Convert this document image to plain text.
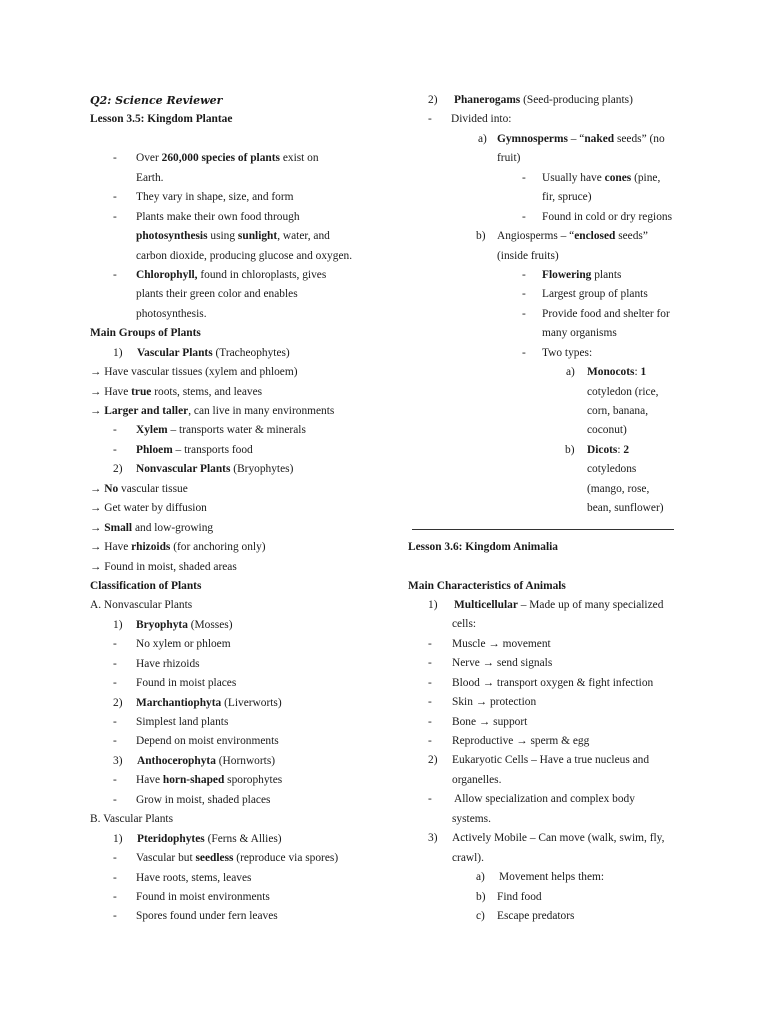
Q2: Science Reviewer
Lesson 3.5: Kingdom Plantae
- Over 260,000 species of plants exist on
Earth.
- They vary in shape, size, and form
- Plants make their own food through
photosynthesis using sunlight, water, and
carbon dioxide, producing glucose and oxygen.
- Chlorophyll, found in chloroplasts, gives
plants their green color and enables
photosynthesis.
Main Groups of Plants
1) Vascular Plants (Tracheophytes)
→ Have vascular tissues (xylem and phloem)
→ Have true roots, stems, and leaves
→ Larger and taller, can live in many environments
- Xylem – transports water & minerals
- Phloem – transports food
2) Nonvascular Plants (Bryophytes)
→ No vascular tissue
→ Get water by diffusion
→ Small and low-growing
→ Have rhizoids (for anchoring only)
→ Found in moist, shaded areas
Classification of Plants
A. Nonvascular Plants
1) Bryophyta (Mosses)
- No xylem or phloem
- Have rhizoids
- Found in moist places
2) Marchantiophyta (Liverworts)
- Simplest land plants
- Depend on moist environments
3) Anthocerophyta (Hornworts)
- Have horn-shaped sporophytes
- Grow in moist, shaded places
B. Vascular Plants
1) Pteridophytes (Ferns & Allies)
- Vascular but seedless (reproduce via spores)
- Have roots, stems, leaves
- Found in moist environments
- Spores found under fern leaves
2) Phanerogams (Seed-producing plants)
- Divided into:
a) Gymnosperms – “naked seeds” (no
fruit)
- Usually have cones (pine,
fir, spruce)
- Found in cold or dry regions
b) Angiosperms – “enclosed seeds”
(inside fruits)
- Flowering plants
- Largest group of plants
- Provide food and shelter for
many organisms
- Two types:
a) Monocots: 1
cotyledon (rice,
corn, banana,
coconut)
b) Dicots: 2
cotyledons
(mango, rose,
bean, sunflower)
Lesson 3.6: Kingdom Animalia
Main Characteristics of Animals
1) Multicellular – Made up of many specialized
cells:
- Muscle → movement
- Nerve → send signals
- Blood → transport oxygen & fight infection
- Skin → protection
- Bone → support
- Reproductive → sperm & egg
2) Eukaryotic Cells – Have a true nucleus and
organelles.
- Allow specialization and complex body
systems.
3) Actively Mobile – Can move (walk, swim, fly,
crawl).
a) Movement helps them:
b) Find food
c) Escape predators
